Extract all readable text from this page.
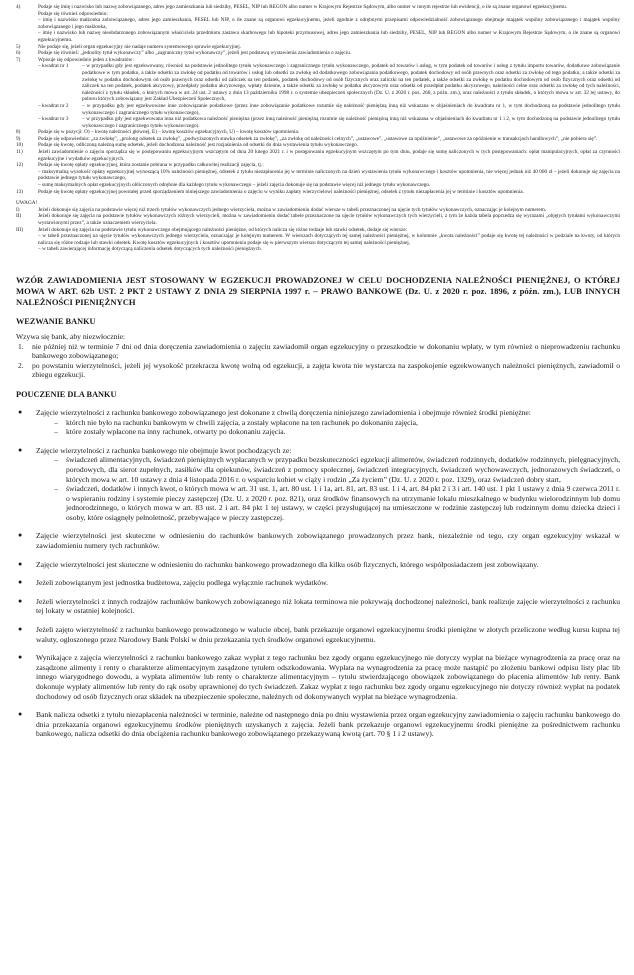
4)	Podaje się imię i nazwisko lub nazwę zobowiązanego, adres jego zamieszkania lub siedziby, PESEL, NIP lub REGON albo numer w Krajowym Rejestrze Sądowym, albo numer w innym rejestrze lub ewidencji, o ile są znane organowi egzekucyjnemu.
Podaje się również odpowiednio:
– imię i nazwisko małżonka zobowiązanego, adres jego zamieszkania, PESEL lub NIP, o ile znane są organowi egzekucyjnemu, jeżeli zgodnie z odrębnymi przepisami odpowiedzialność zobowiązanego obejmuje majątek wspólny zobowiązanego i majątek wspólny zobowiązanego i jego małżonka,
– imię i nazwisko lub nazwę nieobdarzonego zobowiązanym właściciela przedmiotu zastawu skarbowego lub hipoteki przymusowej, adres jego zamieszkania lub siedziby, PESEL, NIP lub REGON albo numer w Krajowym Rejestrze Sądowym, o ile znane są organowi egzekucyjnemu.
5)	Nie podaje się, jeżeli organ egzekucyjny nie nadaje numeru systemowego sprawie egzekucyjnej.
6)	Podaje się również: „jednolity tytuł wykonawczy” albo „zagraniczny tytuł wykonawczy”, jeżeli jest podstawą wystawienia zawiadomienia o zajęciu.
7)	Wpisuje się odpowiednio jeden z kwadratów:
– kwadrat nr 1	– w przypadku gdy jest egzekwowany, również na podstawie jednolitego tytułu wykonawczego i zagranicznego tytułu wykonawczego, podatek od towarów i usług, w tym podatek od towarów i usług z tytułu importu towarów, dodatkowe zobowiązanie podatkowe w tym podatku, a także odsetki za zwłokę od podatku od towarów i usług lub odsetki za zwłokę od dodatkowego zobowiązania podatkowego, podatek dochodowy od osób prawnych oraz odsetki za zwłokę od tego podatku, a także odsetki za zwłokę w podatku dochodowym od osób prawnych oraz odsetki od zaliczek na ten podatek, podatek dochodowy od osób fizycznych oraz zaliczki na ten podatek, a także odsetki za zwłokę w podatku dochodowym od osób fizycznych oraz odsetki od zaliczek na ten podatek, podatek akcyzowy, przedpłaty podatku akcyzowego, wpłaty dzienne, a także odsetki za zwłokę w podatku akcyzowym oraz odsetki od przedpłat podatku akcyzowego, należności celne oraz odsetki za zwłokę od tych należności, należności z tytułu składek, o których mowa w art. 24 ust. 2 ustawy z dnia 13 października 1998 r. o systemie ubezpieczeń społecznych (Dz. U. z 2020 r. poz. 266, z późn. zm.), oraz należności z tytułu składek, o których mowa w art. 32 tej ustawy, do poboru których zobowiązany jest Zakład Ubezpieczeń Społecznych,
– kwadrat nr 2	– w przypadku gdy jest egzekwowane inne zobowiązanie podatkowe (przez inne zobowiązanie podatkowe rozumie się należność pieniężną inną niż wskazana w objaśnieniach do kwadratu nr 1, w tym dochodzoną na podstawie jednolitego tytułu wykonawczego i zagranicznego tytułu wykonawczego),
– kwadrat nr 3	– w przypadku gdy jest egzekwowana inna niż podatkowa należność pieniężna (przez inną należność pieniężną rozumie się należność pieniężną inną niż wskazana w objaśnieniach do kwadratu nr 1 i 2, w tym dochodzoną na podstawie jednolitego tytułu wykonawczego i zagranicznego tytułu wykonawczego).
8)	Podaje się w pozycji: O) – kwotę należności głównej, E) – kwotę kosztów egzekucyjnych, U) – kwotę kosztów upomnienia.
9)	Podaje się odpowiednio: „za zwłokę”, „prolong odsetek za zwłokę”, „podwyższonych stawka odsetek za zwłokę”, „za zwłokę od należności celnych”, „ustawowe”, „ustawowe za opóźnienie”, „ustawowe za opóźnienie w transakcjach handlowych”, „nie pobiera się”.
10)	Podaje się kwotę, odliczoną należną sumę odsetek, jeżeli dochodzona należność jest rozjaśnienia od odsetki do dnia wystawienia tytułu wykonawczego.
11)	Jeżeli zawiadomienie o zajęciu sporządza się w postępowaniu egzekucyjnym wszczętym od dnia 20 lutego 2021 r. i w postępowaniu egzekucyjnym wszczętym po tym dniu, podaje się sumę naliczonych w tych postępowaniach: opłat manipulacyjnych, opłat za czynności egzekucyjne i wydatków egzekucyjnych.
12)	Podaje się kwotę opłaty egzekucyjnej, która zostanie pobrana w przypadku całkowitej realizacji zajęcia, tj.:
– maksymalną wysokość opłaty egzekucyjnej wynoszącą 10% należności pieniężnej, odsetek z tytułu niezapłacenia jej w terminie naliczonych na dzień wystawienia tytułu wykonawczego i kosztów upomnienia, nie więcej jednak niż 40 000 zł – jeżeli dokonuje się zajęcia na podstawie jednego tytułu wykonawczego,
– sumę maksymalnych opłat egzekucyjnych obliczonych odrębnie dla każdego tytułu wykonawczego – jeżeli zajęcia dokonuje się na podstawie więcej niż jednego tytułu wykonawczego.
13)	Podaje się kwotę opłaty egzekucyjnej powstałej przed sporządzeniem niniejszego zawiadomienia o zajęciu w wyniku zapłaty wierzycielowi należności pieniężnej, odsetek z tytułu niezapłacenia jej w terminie i kosztów upomnienia.
UWAGA!
I)	Jeżeli dokonuje się zajęcia na podstawie więcej niż trzech tytułów wykonawczych jednego wierzyciela, można w zawiadomieniu dodać wiersze w tabeli przeznaczonej na ujęcie tych tytułów wykonawczych, oznaczając je kolejnym numerem.
II)	Jeżeli dokonuje się zajęcia na podstawie tytułów wykonawczych różnych wierzycieli, można w zawiadomieniu dodać tabele przeznaczone na ujęcie tytułów wykonawczych tych wierzycieli, z tym że każda tabela poprzedza się wyrazami „objętych tytułami wykonawczymi wystawionymi przez”, a także oznaczeniem wierzyciela.
III)	Jeżeli dokonuje się zajęcia na podstawie tytułu wykonawczego obejmującego należności pieniężne, od których nalicza się różne rodzaje lub stawki odsetek, dodaje się wiersze:
– w tabeli przeznaczonej na ujęcie tytułów wykonawczych jednego wierzyciela, oznaczając je kolejnym numerem. W wierszach dotyczących tej samej należności pieniężnej, w kolumnie „kwota należności” podaje się kwotę tej należności w podziale na kwoty, od których nalicza się różne rodzaje lub stawki odsetek. Kwotę kosztów egzekucyjnych i kosztów upomnienia podaje się w pierwszym wierszu dotyczącym tej samej należności pieniężnej,
– w tabeli zawierającej informację dotyczącą naliczenia odsetek dotyczących tych należności pieniężnych.
WZÓR ZAWIADOMIENIA JEST STOSOWANY W EGZEKUCJI PROWADZONEJ W CELU DOCHODZENIA NALEŻNOŚCI PIENIĘŻNEJ, O KTÓREJ MOWA W ART. 62b UST. 2 PKT 2 USTAWY Z DNIA 29 SIERPNIA 1997 r. – PRAWO BANKOWE (Dz. U. z 2020 r. poz. 1896, z późn. zm.), LUB INNYCH NALEŻNOŚCI PIENIĘŻNYCH
WEZWANIE BANKU

Wzywa się bank, aby niezwłocznie:

1.	nie później niż w terminie 7 dni od dnia doręczenia zawiadomienia o zajęciu zawiadomił organ egzekucyjny o przeszkodzie w dokonaniu wpłaty, w tym również o nieprowadzeniu rachunku bankowego zobowiązanego;
2.	po powstaniu wierzytelności, jeżeli jej wysokość przekracza kwotę wolną od egzekucji, a zajęta kwota nie wystarcza na zaspokojenie egzekwowanych należności pieniężnych, zawiadomił o zbiegu egzekucji.
POUCZENIE DLA BANKU
●	Zajęcie wierzytelności z rachunku bankowego zobowiązanego jest dokonane z chwilą doręczenia niniejszego zawiadomienia i obejmuje również środki pieniężne:
–	którch nie było na rachunku bankowym w chwili zajęcia, a zostały wpłacone na ten rachunek po dokonaniu zajęcia,
–	które zostały wpłacone na inny rachunek, otwarty po dokonaniu zajęcia.
●	Zajęcie wierzytelności z rachunku bankowego nie obejmuje kwot pochodzących ze:
–	świadczeń alimentacyjnych, świadczeń pieniężnych wypłacanych w przypadku bezskuteczności egzekucji alimentów, świadczeń rodzinnych, dodatków rodzinnych, pielęgnacyjnych, porodowych, dla sierot zupełnych, zasiłków dla opiekunów, świadczeń z pomocy społecznej, świadczeń integracyjnych, świadczeń wychowawczych, jednorazowych świadczeń, o których mowa w art. 10 ustawy z dnia 4 listopada 2016 r. o wsparciu kobiet w ciąży i rodzin „Za życiem” (Dz. U. z 2020 r. poz. 1329), oraz świadczeń dobry start,
–	świadczeń, dodatków i innych kwot, o których mowa w art. 31 ust. 1, art. 80 ust. 1 i 1a, art. 81, art. 83 ust. 1 i 4, art. 84 pkt 2 i 3 i art. 140 ust. 1 pkt 1 ustawy z dnia 9 czerwca 2011 r. o wspieraniu rodziny i systemie pieczy zastępczej (Dz. U. z 2020 r. poz. 821), oraz środków finansowych na utrzymanie lokalu mieszkalnego w budynku wielorodzinnym lub domu jednorodzinnego, o których mowa w art. 83 ust. 2 i art. 84 pkt 1 tej ustawy, w części przysługującej na umieszczone w rodzinie zastępczej lub rodzinnym domu dziecka dzieci i osoby, które osiągnęły pełnoletność, przebywające w pieczy zastępczej.
●	Zajęcie wierzytelności jest skuteczne w odniesieniu do rachunków bankowych zobowiązanego prowadzonych przez bank, niezależnie od tego, czy organ egzekucyjny wskazał w zawiadomieniu numery tych rachunków.
●	Zajęcie wierzytelności jest skuteczne w odniesieniu do rachunku bankowego prowadzonego dla kilku osób fizycznych, którego współposiadaczem jest zobowiązany.
●	Jeżeli zobowiązanym jest jednostka budżetowa, zajęciu podlega wyłącznie rachunek wydatków.
●	Jeżeli wierzytelności z innych rodzajów rachunków bankowych zobowiązanego niż lokata terminowa nie pokrywają dochodzonej należności, bank realizuje zajęcie wierzytelności z rachunku tej lokaty w ostatniej kolejności.
●	Jeżeli zajęto wierzytelność z rachunku bankowego prowadzonego w walucie obcej, bank przekazuje organowi egzekucyjnemu środki pieniężne w złotych przeliczone według kursu kupna tej waluty, ogłoszonego przez Narodowy Bank Polski w dniu przekazania tych środków organowi egzekucyjnemu.
●	Wynikające z zajęcia wierzytelności z rachunku bankowego zakaz wypłat z tego rachunku bez zgody organu egzekucyjnego nie dotyczy wypłat na bieżące wynagrodzenia za pracę oraz na zasądzone alimenty i renty o charakterze alimentacyjnym zasądzone tytułem odszkodowania. Wypłata na wynagrodzenia za pracę może nastąpić po złożeniu bankowi odpisu listy płac lib innego wiarygodnego dowodu, a wypłata alimentów lub renty o charakterze alimentacyjnym – tytułu stwierdzającego obowiązek zobowiązanego do płacenia alimentów lub renty. Bank dokonuje wypłaty alimentów lub renty do rąk osoby uprawnionej do tych świadczeń. Zakaz wypłat z tego rachunku bez zgody organu egzekucyjnego nie dotyczy również wypłat na podatek dochodowy od osób fizycznych oraz składek na ubezpieczenie społeczne, należnych od dokonywanych wypłat na bieżące wynagrodzenia.
●	Bank nalicza odsetki z tytułu niezapłacenia należności w terminie, należne od następnego dnia po dniu wystawienia przez organ egzekucyjny zawiadomienia o zajęciu rachunku bankowego do dnia przekazania organowi egzekucyjnemu środków pieniężnych uzyskanych z zajęcia. Jeżeli bank przekazuje organowi egzekucyjnemu środki pieniężne za pośrednictwem rachunku bankowego, nalicza odsetki do dnia obciążenia rachunku bankowego zobowiązanego przekazywaną kwotą (art. 70 § 1 i 2 ustawy).
